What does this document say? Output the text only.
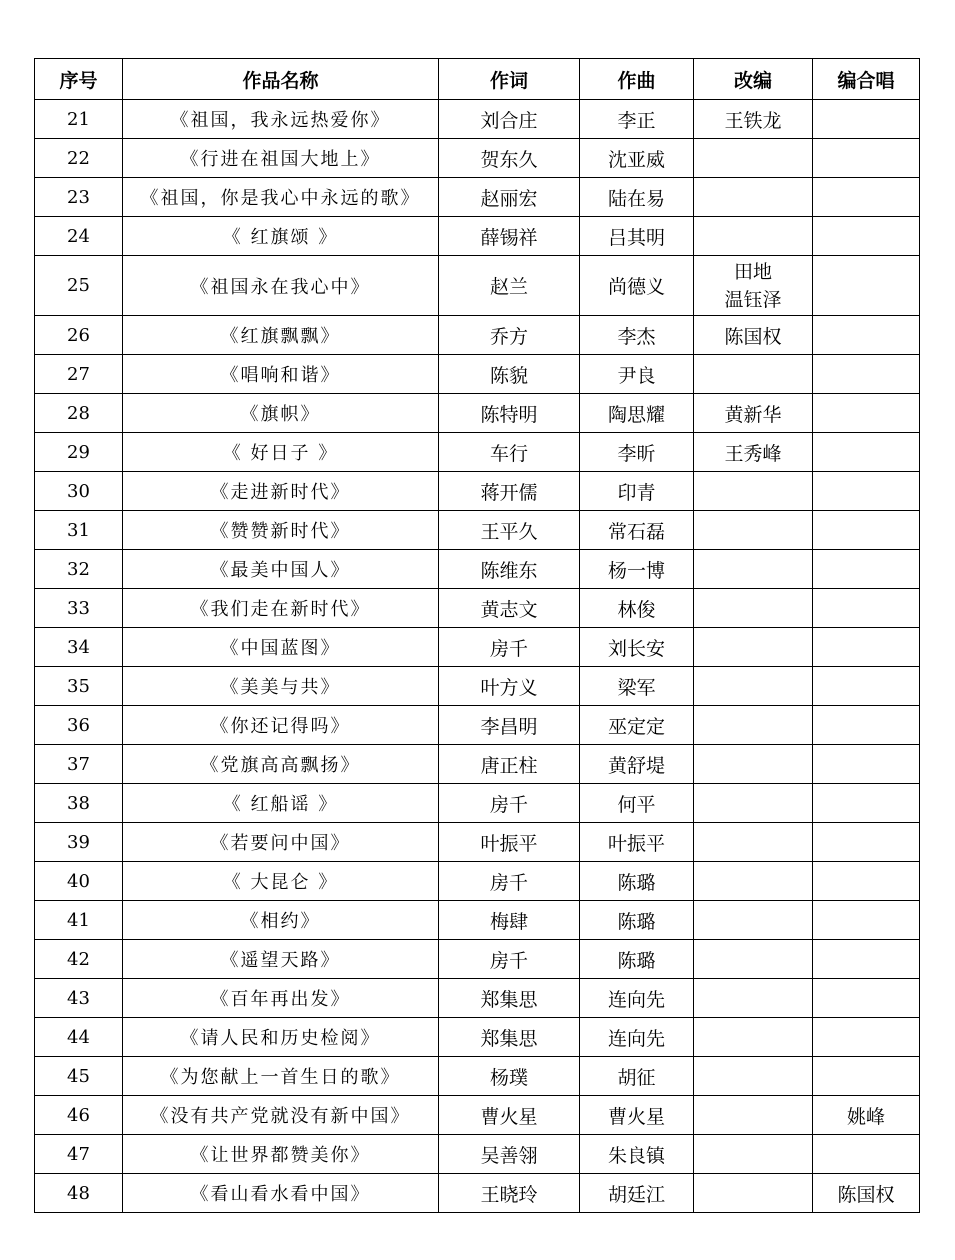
序号	作品名称	作词	作曲	改编	编合唱
21	《祖国，我永远热爱你》	刘合庄	李正	王铁龙	
22	《行进在祖国大地上》	贺东久	沈亚威		
23	《祖国，你是我心中永远的歌》	赵丽宏	陆在易		
24	《 红旗颂 》	薛锡祥	吕其明		
25	《祖国永在我心中》	赵兰	尚德义	田地
温钰泽	
26	《红旗飘飘》	乔方	李杰	陈国权	
27	《唱响和谐》	陈貌	尹良		
28	《旗帜》	陈特明	陶思耀	黄新华	
29	《 好日子 》	车行	李昕	王秀峰	
30	《走进新时代》	蒋开儒	印青		
31	《赞赞新时代》	王平久	常石磊		
32	《最美中国人》	陈维东	杨一博		
33	《我们走在新时代》	黄志文	林俊		
34	《中国蓝图》	房千	刘长安		
35	《美美与共》	叶方义	梁军		
36	《你还记得吗》	李昌明	巫定定		
37	《党旗高高飘扬》	唐正柱	黄舒堤		
38	《 红船谣 》	房千	何平		
39	《若要问中国》	叶振平	叶振平		
40	《 大昆仑 》	房千	陈璐		
41	《相约》	梅肆	陈璐		
42	《遥望天路》	房千	陈璐		
43	《百年再出发》	郑集思	连向先		
44	《请人民和历史检阅》	郑集思	连向先		
45	《为您献上一首生日的歌》	杨璞	胡征		
46	《没有共产党就没有新中国》	曹火星	曹火星		姚峰
47	《让世界都赞美你》	吴善翎	朱良镇		
48	《看山看水看中国》	王晓玲	胡廷江		陈国权
